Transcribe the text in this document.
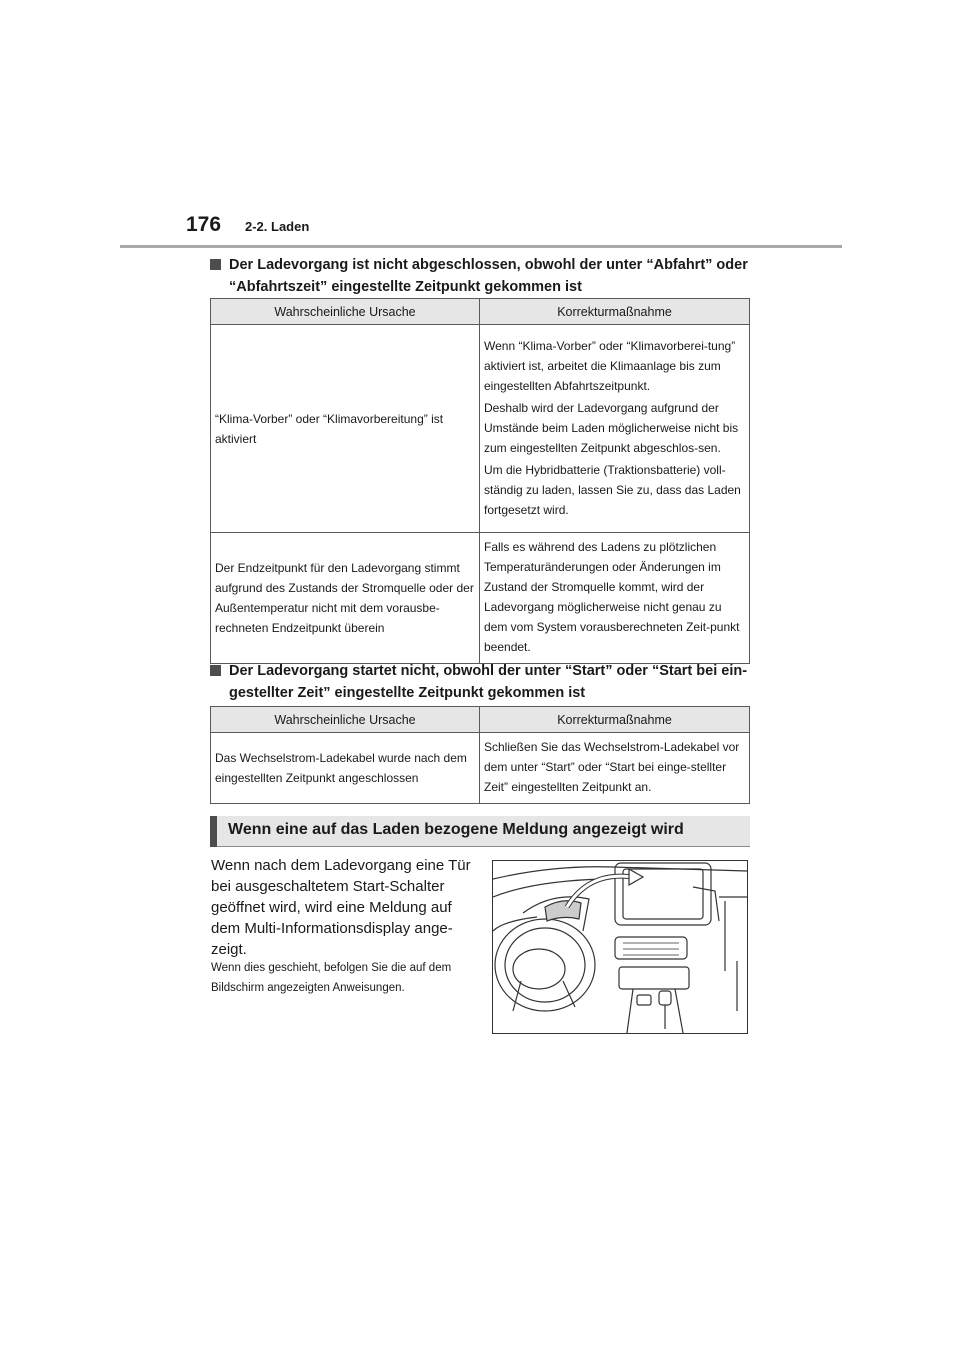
176 2-2. Laden
Der Ladevorgang ist nicht abgeschlossen, obwohl der unter “Abfahrt” oder “Abfahrtszeit” eingestellte Zeitpunkt gekommen ist
Wahrscheinliche Ursache	Korrekturmaßnahme
“Klima-Vorber” oder “Klimavorbereitung” ist aktiviert	Wenn “Klima-Vorber” oder “Klimavorberei-tung” aktiviert ist, arbeitet die Klimaanlage bis zum eingestellten Abfahrtszeitpunkt.

Deshalb wird der Ladevorgang aufgrund der Umstände beim Laden möglicherweise nicht bis zum eingestellten Zeitpunkt abgeschlos-sen.

Um die Hybridbatterie (Traktionsbatterie) voll-ständig zu laden, lassen Sie zu, dass das Laden fortgesetzt wird.

Der Endzeitpunkt für den Ladevorgang stimmt aufgrund des Zustands der Stromquelle oder der Außentemperatur nicht mit dem vorausbe-rechneten Endzeitpunkt überein	Falls es während des Ladens zu plötzlichen Temperaturänderungen oder Änderungen im Zustand der Stromquelle kommt, wird der Ladevorgang möglicherweise nicht genau zu dem vom System vorausberechneten Zeit-punkt beendet.

Der Ladevorgang startet nicht, obwohl der unter “Start” oder “Start bei ein-gestellter Zeit” eingestellte Zeitpunkt gekommen ist
Wahrscheinliche Ursache	Korrekturmaßnahme
Das Wechselstrom-Ladekabel wurde nach dem eingestellten Zeitpunkt angeschlossen	Schließen Sie das Wechselstrom-Ladekabel vor dem unter “Start” oder “Start bei einge-stellter Zeit” eingestellten Zeitpunkt an.

Wenn eine auf das Laden bezogene Meldung angezeigt wird
Wenn nach dem Ladevorgang eine Tür bei ausgeschaltetem Start-Schalter geöffnet wird, wird eine Meldung auf dem Multi-Informationsdisplay ange-zeigt.
Wenn dies geschieht, befolgen Sie die auf dem Bildschirm angezeigten Anweisungen.
